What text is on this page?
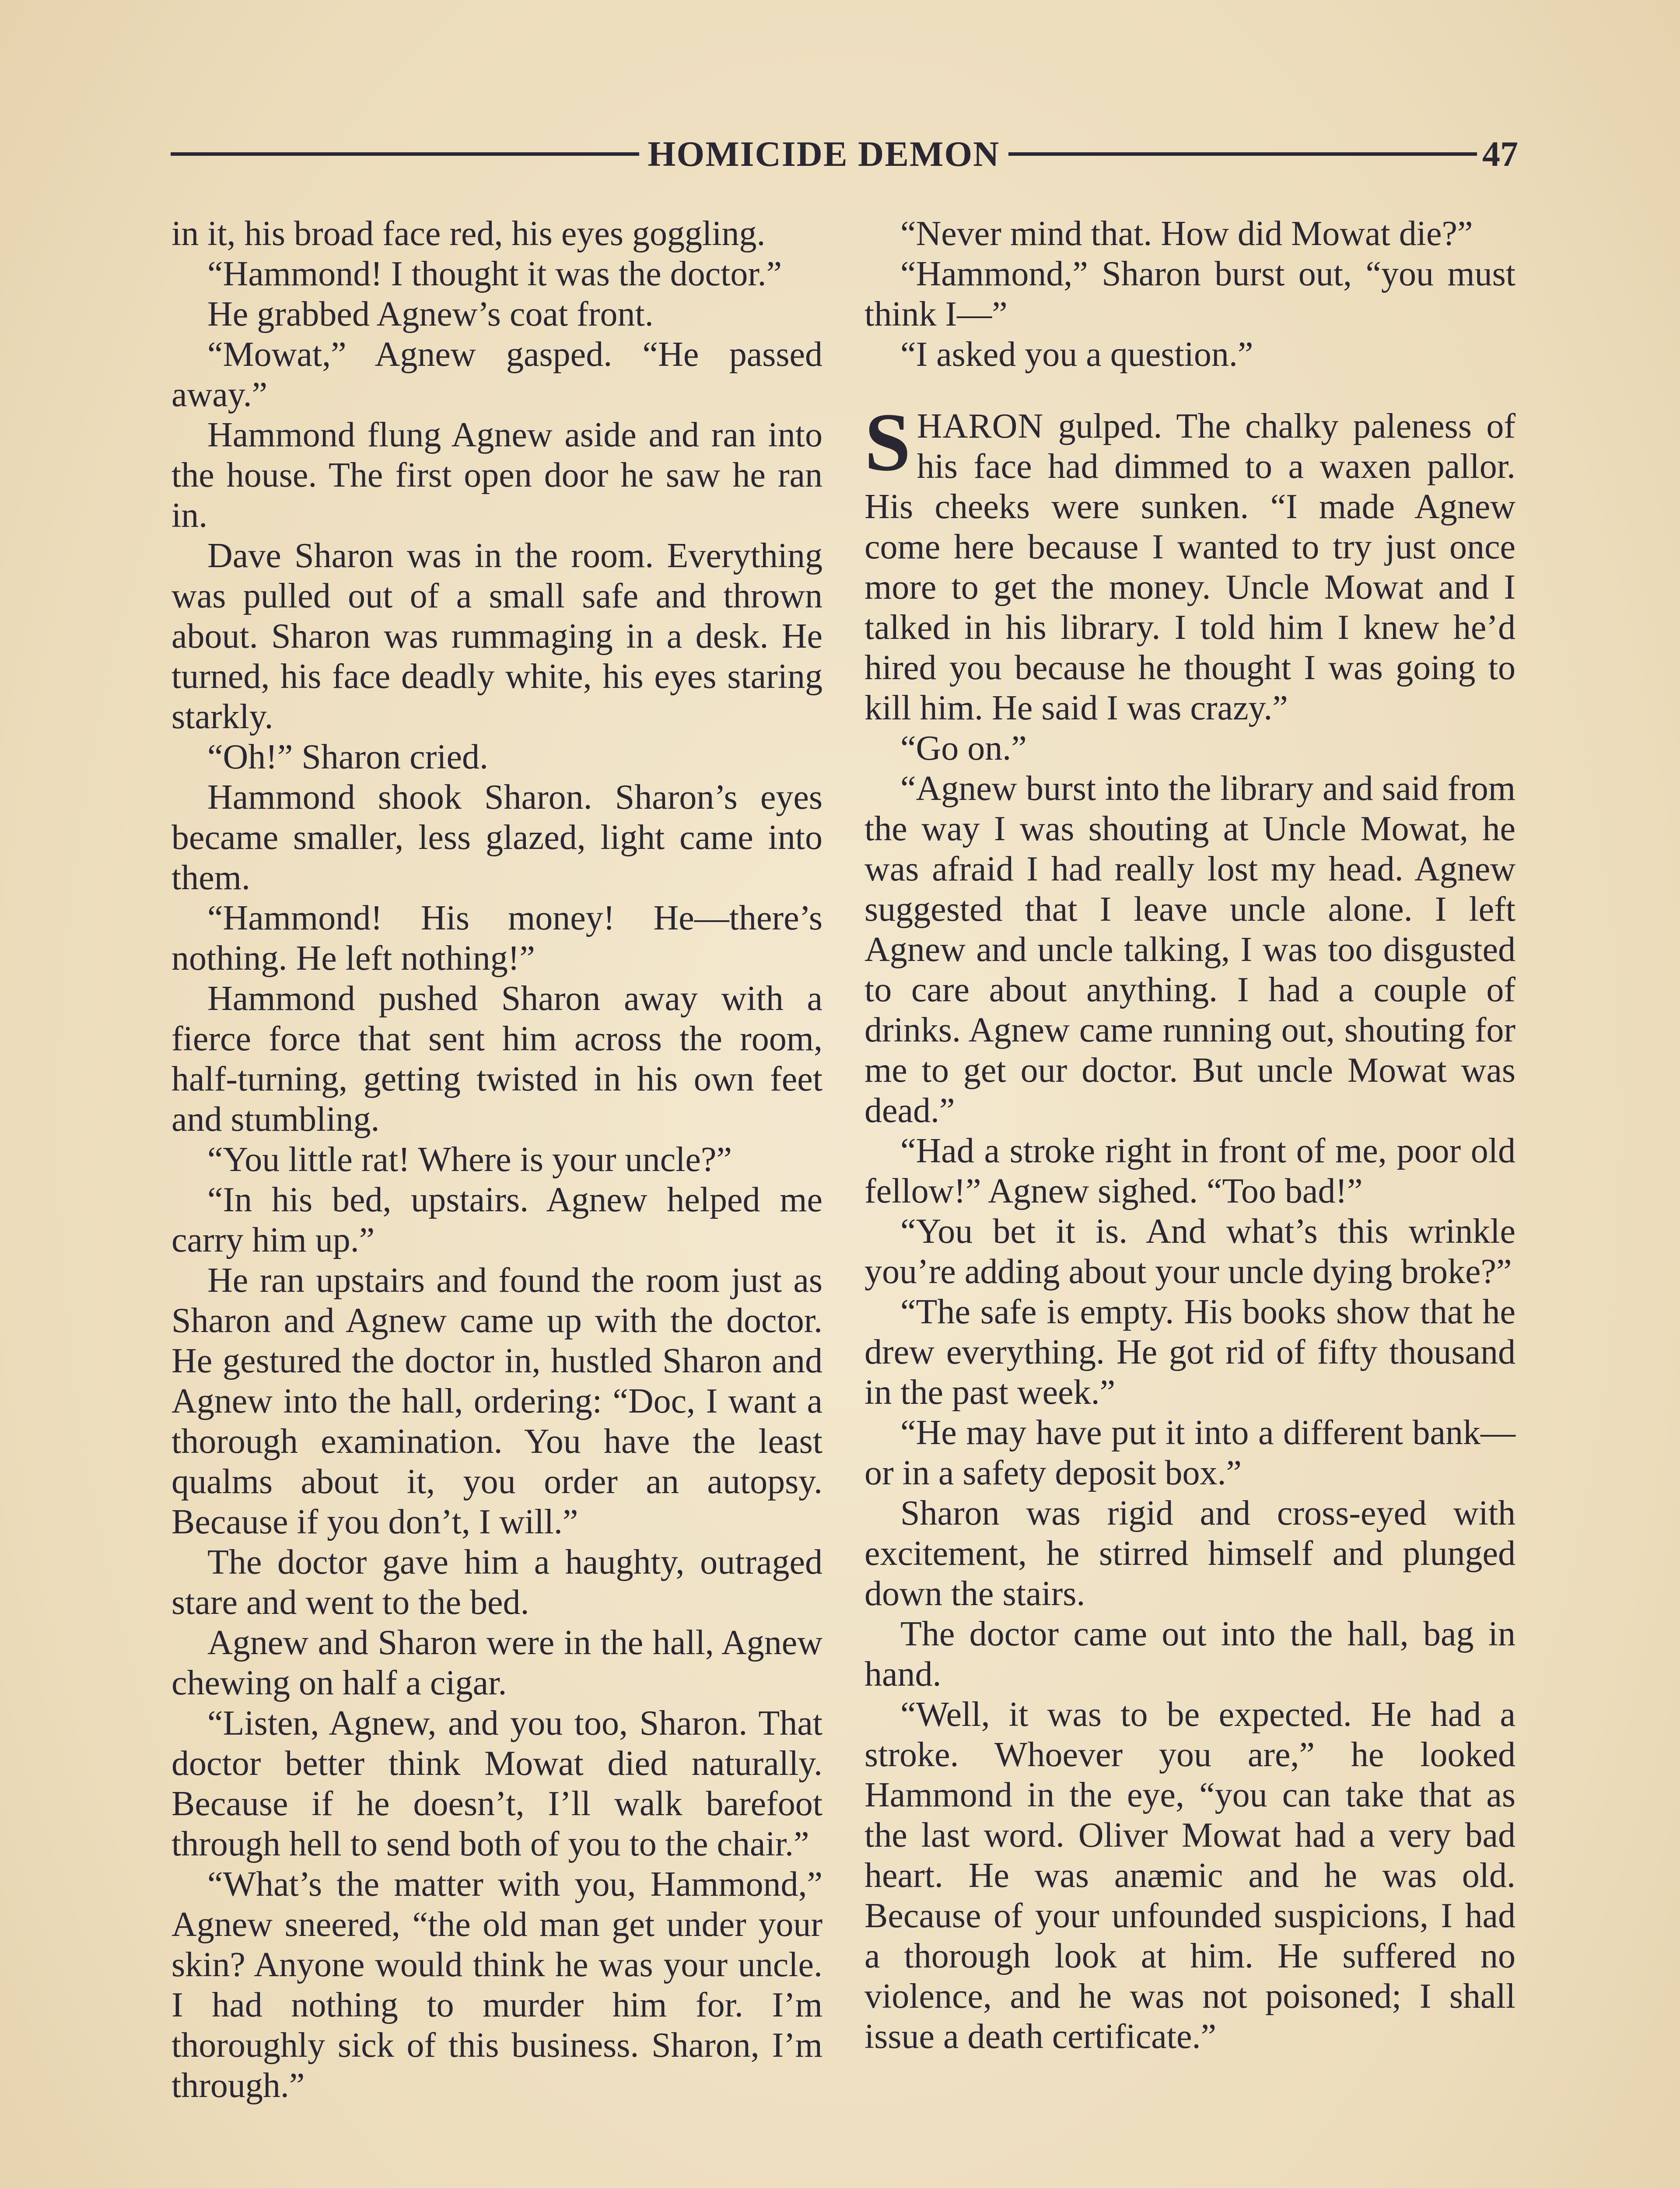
HOMICIDE DEMON	47

in it, his broad face red, his eyes goggling.

“Hammond! I thought it was the doctor.”

He grabbed Agnew’s coat front.

“Mowat,” Agnew gasped. “He passed away.”

Hammond flung Agnew aside and ran into the house. The first open door he saw he ran in.

Dave Sharon was in the room. Everything was pulled out of a small safe and thrown about. Sharon was rummaging in a desk. He turned, his face deadly white, his eyes staring starkly.

“Oh!” Sharon cried.

Hammond shook Sharon. Sharon’s eyes became smaller, less glazed, light came into them.

“Hammond! His money! He—there’s nothing. He left nothing!”

Hammond pushed Sharon away with a fierce force that sent him across the room, half-turning, getting twisted in his own feet and stumbling.

“You little rat! Where is your uncle?”

“In his bed, upstairs. Agnew helped me carry him up.”

He ran upstairs and found the room just as Sharon and Agnew came up with the doctor. He gestured the doctor in, hustled Sharon and Agnew into the hall, ordering: “Doc, I want a thorough examination. You have the least qualms about it, you order an autopsy. Because if you don’t, I will.”

The doctor gave him a haughty, outraged stare and went to the bed.

Agnew and Sharon were in the hall, Agnew chewing on half a cigar.

“Listen, Agnew, and you too, Sharon. That doctor better think Mowat died naturally. Because if he doesn’t, I’ll walk barefoot through hell to send both of you to the chair.”

“What’s the matter with you, Hammond,” Agnew sneered, “the old man get under your skin? Anyone would think he was your uncle. I had nothing to murder him for. I’m thoroughly sick of this business. Sharon, I’m through.”

“Never mind that. How did Mowat die?”

“Hammond,” Sharon burst out, “you must think I—”

“I asked you a question.”

SHARON gulped. The chalky paleness of his face had dimmed to a waxen pallor. His cheeks were sunken. “I made Agnew come here because I wanted to try just once more to get the money. Uncle Mowat and I talked in his library. I told him I knew he’d hired you because he thought I was going to kill him. He said I was crazy.”

“Go on.”

“Agnew burst into the library and said from the way I was shouting at Uncle Mowat, he was afraid I had really lost my head. Agnew suggested that I leave uncle alone. I left Agnew and uncle talking, I was too disgusted to care about anything. I had a couple of drinks. Agnew came running out, shouting for me to get our doctor. But uncle Mowat was dead.”

“Had a stroke right in front of me, poor old fellow!” Agnew sighed. “Too bad!”

“You bet it is. And what’s this wrinkle you’re adding about your uncle dying broke?”

“The safe is empty. His books show that he drew everything. He got rid of fifty thousand in the past week.”

“He may have put it into a different bank—or in a safety deposit box.”

Sharon was rigid and cross-eyed with excitement, he stirred himself and plunged down the stairs.

The doctor came out into the hall, bag in hand.

“Well, it was to be expected. He had a stroke. Whoever you are,” he looked Hammond in the eye, “you can take that as the last word. Oliver Mowat had a very bad heart. He was anæmic and he was old. Because of your unfounded suspicions, I had a thorough look at him. He suffered no violence, and he was not poisoned; I shall issue a death certificate.”
